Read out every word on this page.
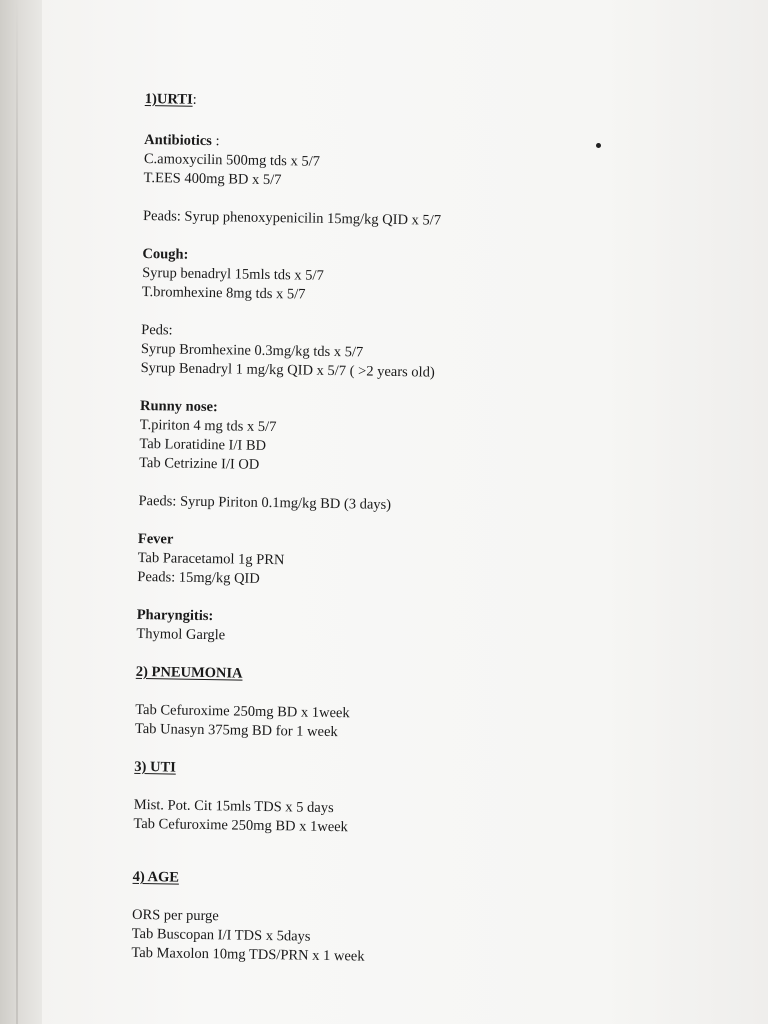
1)URTI:
Antibiotics :
C.amoxycilin 500mg tds x 5/7
T.EES 400mg BD x 5/7
Peads: Syrup phenoxypenicilin 15mg/kg QID x 5/7
Cough:
Syrup benadryl 15mls tds x 5/7
T.bromhexine 8mg tds x 5/7
Peds:
Syrup Bromhexine 0.3mg/kg tds x 5/7
Syrup Benadryl 1 mg/kg QID x 5/7 ( >2 years old)
Runny nose:
T.piriton 4 mg tds x 5/7
Tab Loratidine I/I BD
Tab Cetrizine I/I OD
Paeds: Syrup Piriton 0.1mg/kg BD (3 days)
Fever
Tab Paracetamol 1g PRN
Peads: 15mg/kg QID
Pharyngitis:
Thymol Gargle
2) PNEUMONIA
Tab Cefuroxime 250mg BD x 1week
Tab Unasyn 375mg BD for 1 week
3) UTI
Mist. Pot. Cit 15mls TDS x 5 days
Tab Cefuroxime 250mg BD x 1week
4) AGE
ORS per purge
Tab Buscopan I/I TDS x 5days
Tab Maxolon 10mg TDS/PRN x 1 week
